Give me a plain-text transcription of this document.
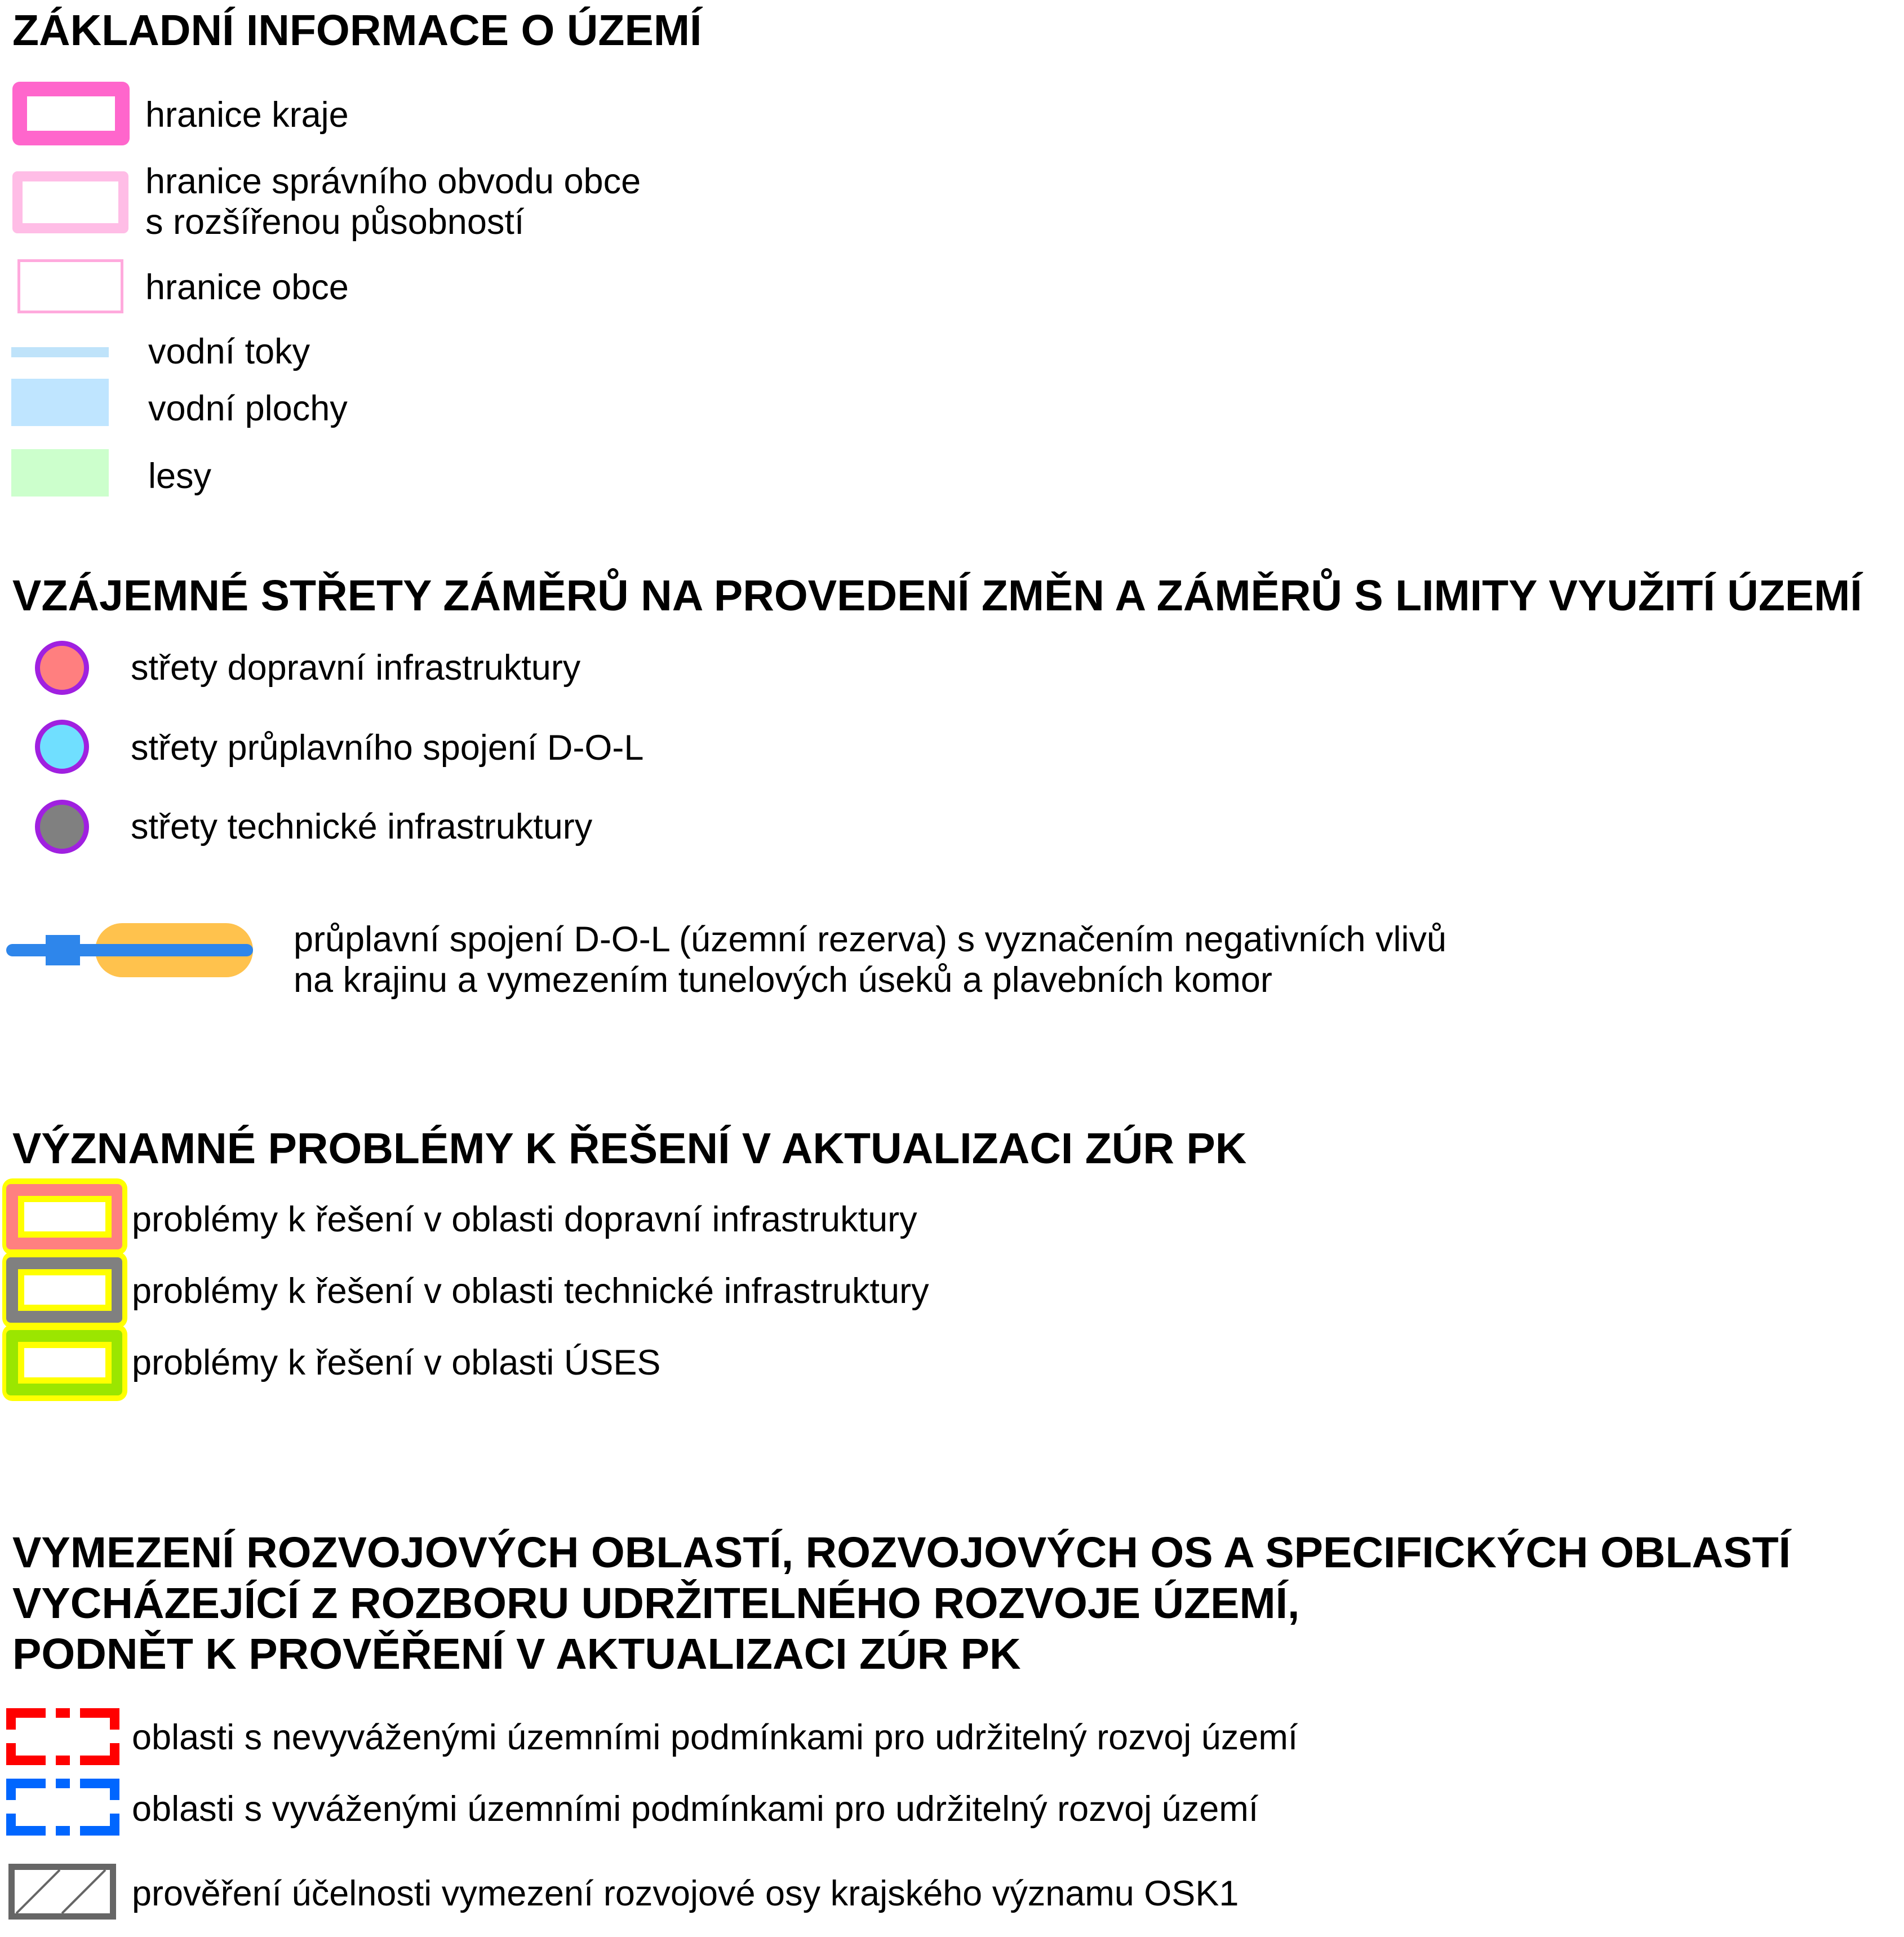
ZÁKLADNÍ INFORMACE O ÚZEMÍ
hranice kraje
hranice správního obvodu obce
s rozšířenou působností
hranice obce
vodní toky
vodní plochy
lesy
VZÁJEMNÉ STŘETY ZÁMĚRŮ NA PROVEDENÍ ZMĚN A ZÁMĚRŮ S LIMITY VYUŽITÍ ÚZEMÍ
střety dopravní infrastruktury
střety průplavního spojení D-O-L
střety technické infrastruktury
průplavní spojení D-O-L (územní rezerva) s vyznačením negativních vlivů
na krajinu a vymezením tunelových úseků a plavebních komor
VÝZNAMNÉ PROBLÉMY K ŘEŠENÍ V AKTUALIZACI ZÚR PK
problémy k řešení v oblasti dopravní infrastruktury
problémy k řešení v oblasti technické infrastruktury
problémy k řešení v oblasti ÚSES
VYMEZENÍ ROZVOJOVÝCH OBLASTÍ, ROZVOJOVÝCH OS A SPECIFICKÝCH OBLASTÍ
VYCHÁZEJÍCÍ Z ROZBORU UDRŽITELNÉHO ROZVOJE ÚZEMÍ,
PODNĚT K PROVĚŘENÍ V AKTUALIZACI ZÚR PK
oblasti s nevyváženými územními podmínkami pro udržitelný rozvoj území
oblasti s vyváženými územními podmínkami pro udržitelný rozvoj území
prověření účelnosti vymezení rozvojové osy krajského významu OSK1
